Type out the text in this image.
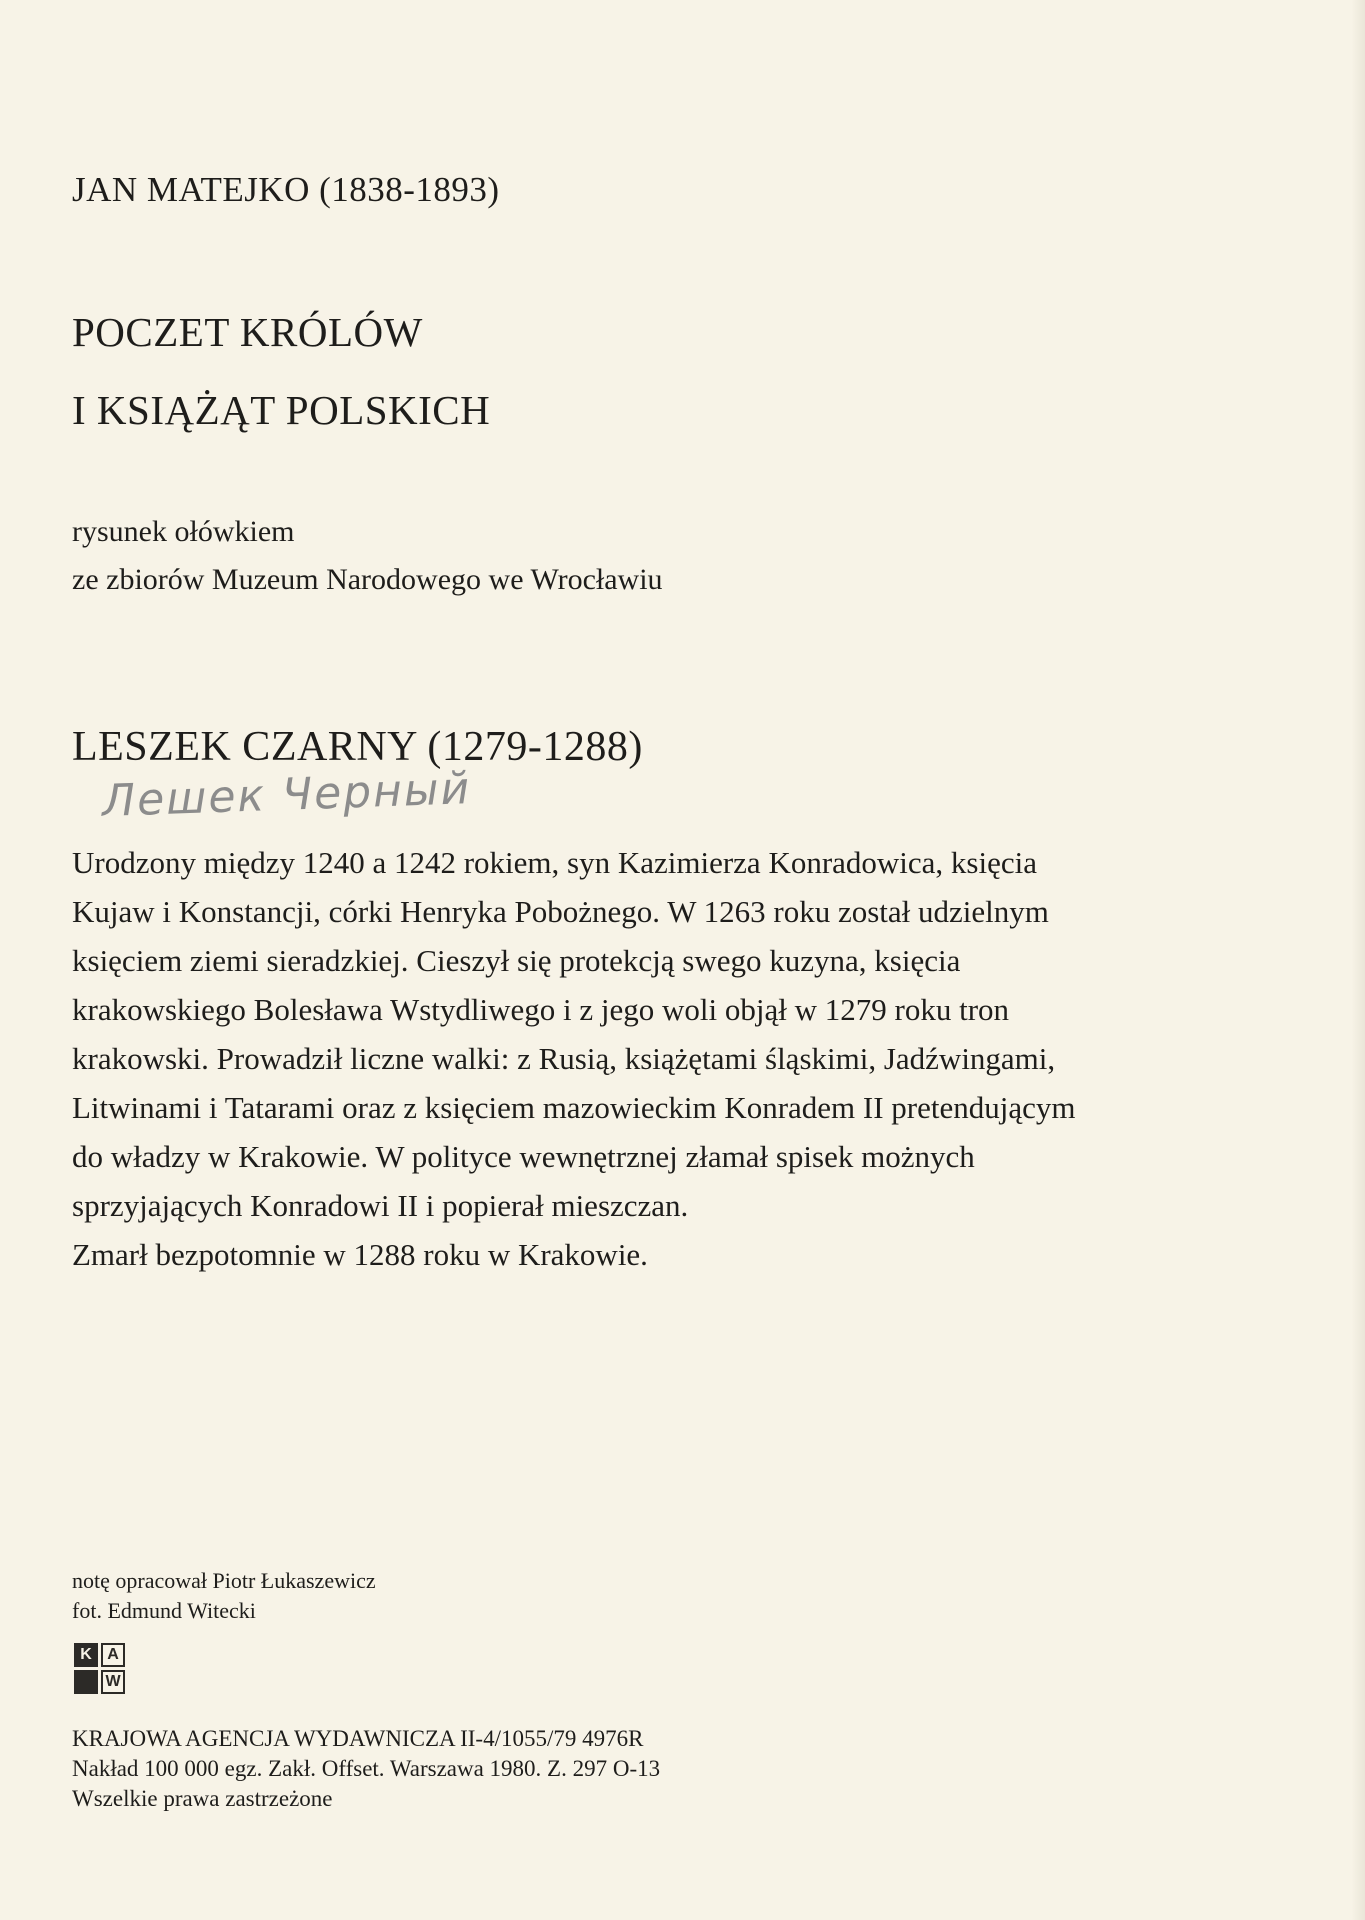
JAN MATEJKO (1838-1893)
POCZET KRÓLÓW
I KSIĄŻĄT POLSKICH
rysunek ołówkiem
ze zbiorów Muzeum Narodowego we Wrocławiu
LESZEK CZARNY (1279-1288)
Лешек Черный
Urodzony między 1240 a 1242 rokiem, syn Kazimierza Konradowica, księcia
Kujaw i Konstancji, córki Henryka Pobożnego. W 1263 roku został udzielnym
księciem ziemi sieradzkiej. Cieszył się protekcją swego kuzyna, księcia
krakowskiego Bolesława Wstydliwego i z jego woli objął w 1279 roku tron
krakowski. Prowadził liczne walki: z Rusią, książętami śląskimi, Jadźwingami,
Litwinami i Tatarami oraz z księciem mazowieckim Konradem II pretendującym
do władzy w Krakowie. W polityce wewnętrznej złamał spisek możnych
sprzyjających Konradowi II i popierał mieszczan.
Zmarł bezpotomnie w 1288 roku w Krakowie.
notę opracował Piotr Łukaszewicz
fot. Edmund Witecki
K A
W
KRAJOWA AGENCJA WYDAWNICZA II-4/1055/79 4976R
Nakład 100 000 egz. Zakł. Offset. Warszawa 1980. Z. 297 O-13
Wszelkie prawa zastrzeżone
